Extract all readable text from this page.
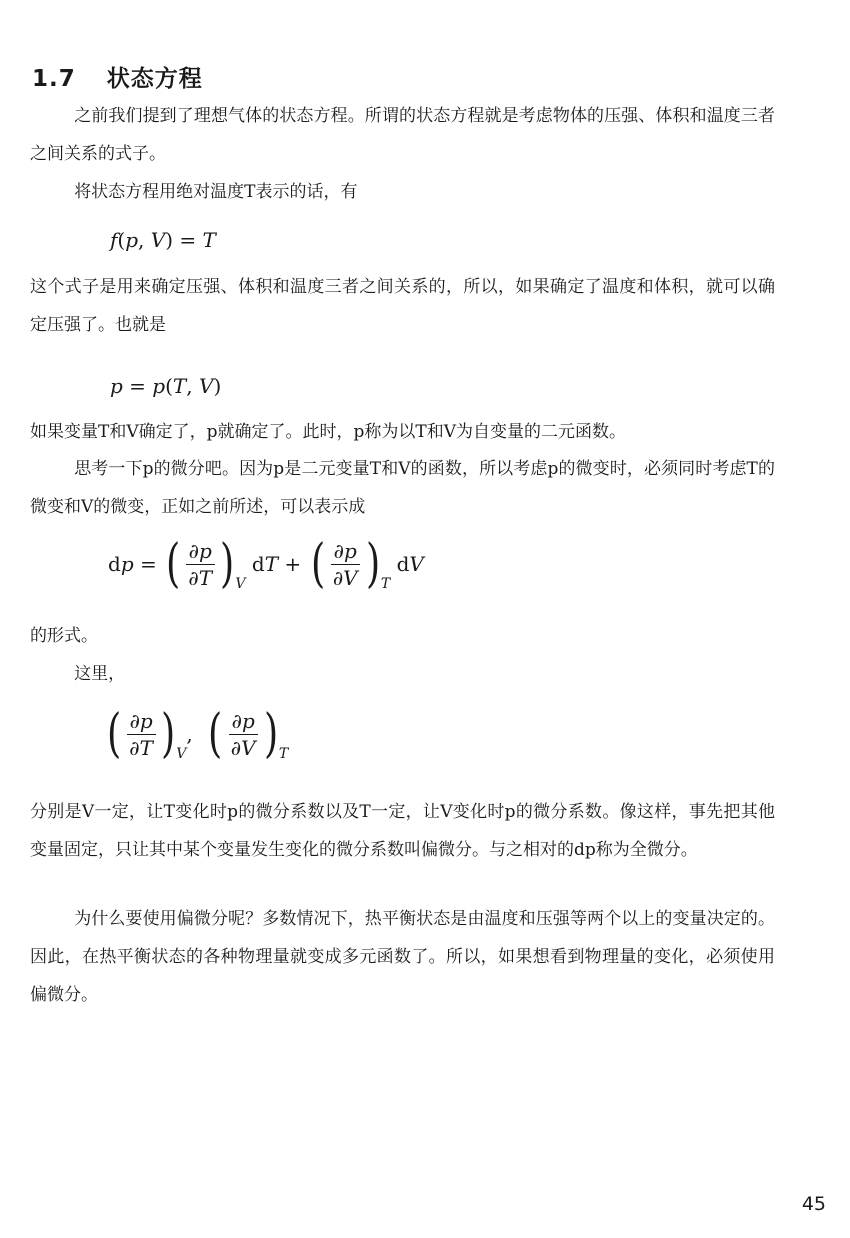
1.7 状态方程
之前我们提到了理想气体的状态方程。所谓的状态方程就是考虑物体的压强、体积和温度三者之间关系的式子。
将状态方程用绝对温度T表示的话，有
f(p, V) = T
这个式子是用来确定压强、体积和温度三者之间关系的，所以，如果确定了温度和体积，就可以确定压强了。也就是
p = p(T, V)
如果变量T和V确定了，p就确定了。此时，p称为以T和V为自变量的二元函数。
思考一下p的微分吧。因为p是二元变量T和V的函数，所以考虑p的微变时，必须同时考虑T的微变和V的微变，正如之前所述，可以表示成
dp = ( $\frac{\partial p}{\partial T}$ ) V
dT + ( $\frac{\partial p}{\partial V}$ ) T
dV
的形式。
这里，
( $\frac{\partial p}{\partial T}$ ) V
, ( $\frac{\partial p}{\partial V}$ ) T
分别是V一定，让T变化时p的微分系数以及T一定，让V变化时p的微分系数。像这样，事先把其他变量固定，只让其中某个变量发生变化的微分系数叫偏微分。与之相对的dp称为全微分。
为什么要使用偏微分呢？多数情况下，热平衡状态是由温度和压强等两个以上的变量决定的。因此，在热平衡状态的各种物理量就变成多元函数了。所以，如果想看到物理量的变化，必须使用偏微分。
45
